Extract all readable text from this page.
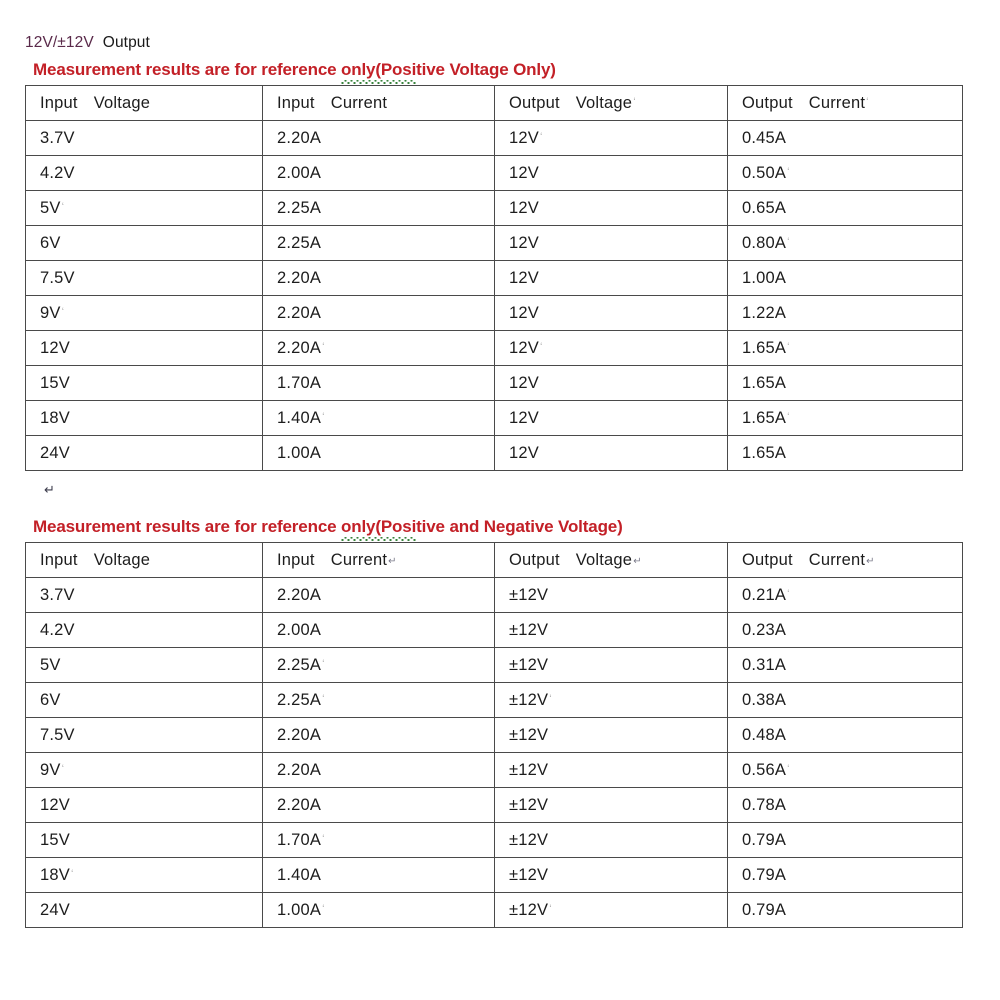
12V/±12V Output
Measurement results are for reference only(Positive Voltage Only)
Input Voltage	Input Current	Output Voltage‘	Output Current‘
3.7V	2.20A	12V‘	0.45A
4.2V	2.00A	12V	0.50A‘
5V‘	2.25A	12V	0.65A
6V	2.25A	12V	0.80A‘
7.5V	2.20A	12V	1.00A
9V‘	2.20A	12V	1.22A
12V	2.20A‘	12V‘	1.65A‘
15V	1.70A	12V	1.65A
18V	1.40A‘	12V	1.65A‘
24V	1.00A	12V	1.65A
↵
Measurement results are for reference only(Positive and Negative Voltage)
Input Voltage	Input Current↵	Output Voltage↵	Output Current↵
3.7V	2.20A	±12V	0.21A‘
4.2V	2.00A	±12V	0.23A
5V	2.25A‘	±12V	0.31A
6V	2.25A‘	±12V‘	0.38A
7.5V	2.20A	±12V	0.48A
9V‘	2.20A	±12V	0.56A‘
12V	2.20A	±12V	0.78A
15V	1.70A‘	±12V	0.79A
18V‘	1.40A	±12V	0.79A
24V	1.00A‘	±12V‘	0.79A
